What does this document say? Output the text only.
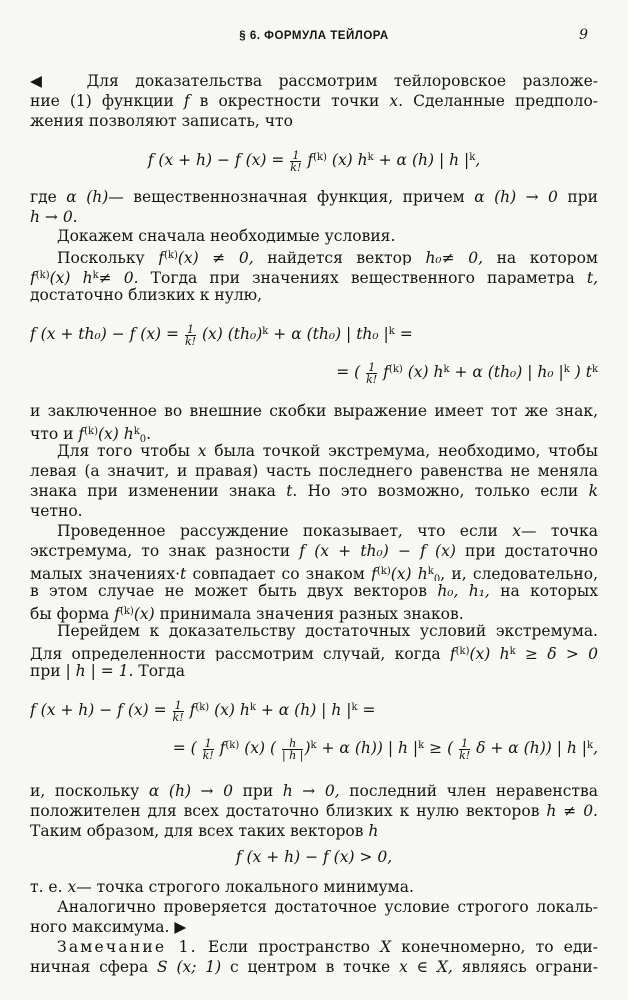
§ 6. ФОРМУЛА ТЕЙЛОРА	9
◀ Для доказательства рассмотрим тейлоровское разложе-
ние (1) функции f в окрестности точки x. Сделанные предполо-
жения позволяют записать, что
f (x + h) − f $(x) = \frac{1}{k!} f^{(k)}$ (x) $h^k + \alpha$ (h) | h $|^k$,
где α (h)— вещественнозначная функция, причем α (h) → 0 при
h → 0.
Докажем сначала необходимые условия.
Поскольку $f^{(k)}(x) \ne 0$, найдется вектор h₀≠ 0, на котором
$f^{(k)}(x)$ $h^k\ne 0$. Тогда при значениях вещественного параметра t,
достаточно близких к нулю,
f (x + th₀) − f $(x) = \frac{1}{k!} (x) (th_0)^k + \alpha$ (th₀) | th₀ $|^k$ =
= ( $\frac{1}{k!} f^{(k)}$ (x) $h^k + \alpha$ (th₀) | h₀ $|^k$ ) $t^k$
и заключенное во внешние скобки выражение имеет тот же знак,
что и $f^{(k)}(x)$ $h^k_0$.
Для того чтобы x была точкой экстремума, необходимо, чтобы
левая (а значит, и правая) часть последнего равенства не меняла
знака при изменении знака t. Но это возможно, только если k
четно.
Проведенное рассуждение показывает, что если x— точка
экстремума, то знак разности f (x + th₀) − f (x) при достаточно
малых значениях·t совпадает со знаком $f^{(k)}(x)$ $h^k_0$, и, следовательно,
в этом случае не может быть двух векторов h₀, h₁, на которых
бы форма $f^{(k)}(x)$ принимала значения разных знаков.
Перейдем к доказательству достаточных условий экстремума.
Для определенности рассмотрим случай, когда $f^{(k)}(x) h^k \ge \delta > 0$
при | h | = 1. Тогда
f (x + h) − f $(x) = \frac{1}{k!} f^{(k)}$ (x) $h^k + \alpha$ (h) | h $|^k$ =
= ( $\frac{1}{k!} f^{(k)}$ (x) ( $\frac{h}{| h |} )^k + \alpha$ (h)) | h $|^k$ ≥ ( $\frac{1}{k!}$ δ + α (h)) | h $|^k$,
и, поскольку α (h) → 0 при h → 0, последний член неравенства
положителен для всех достаточно близких к нулю векторов h ≠ 0.
Таким образом, для всех таких векторов h
f (x + h) − f (x) > 0,
т. е. x— точка строгого локального минимума.
Аналогично проверяется достаточное условие строгого локаль-
ного максимума. ▶
Замечание 1. Если пространство X конечномерно, то еди-
ничная сфера S (x; 1) с центром в точке x ∈ X, являясь ограни-
